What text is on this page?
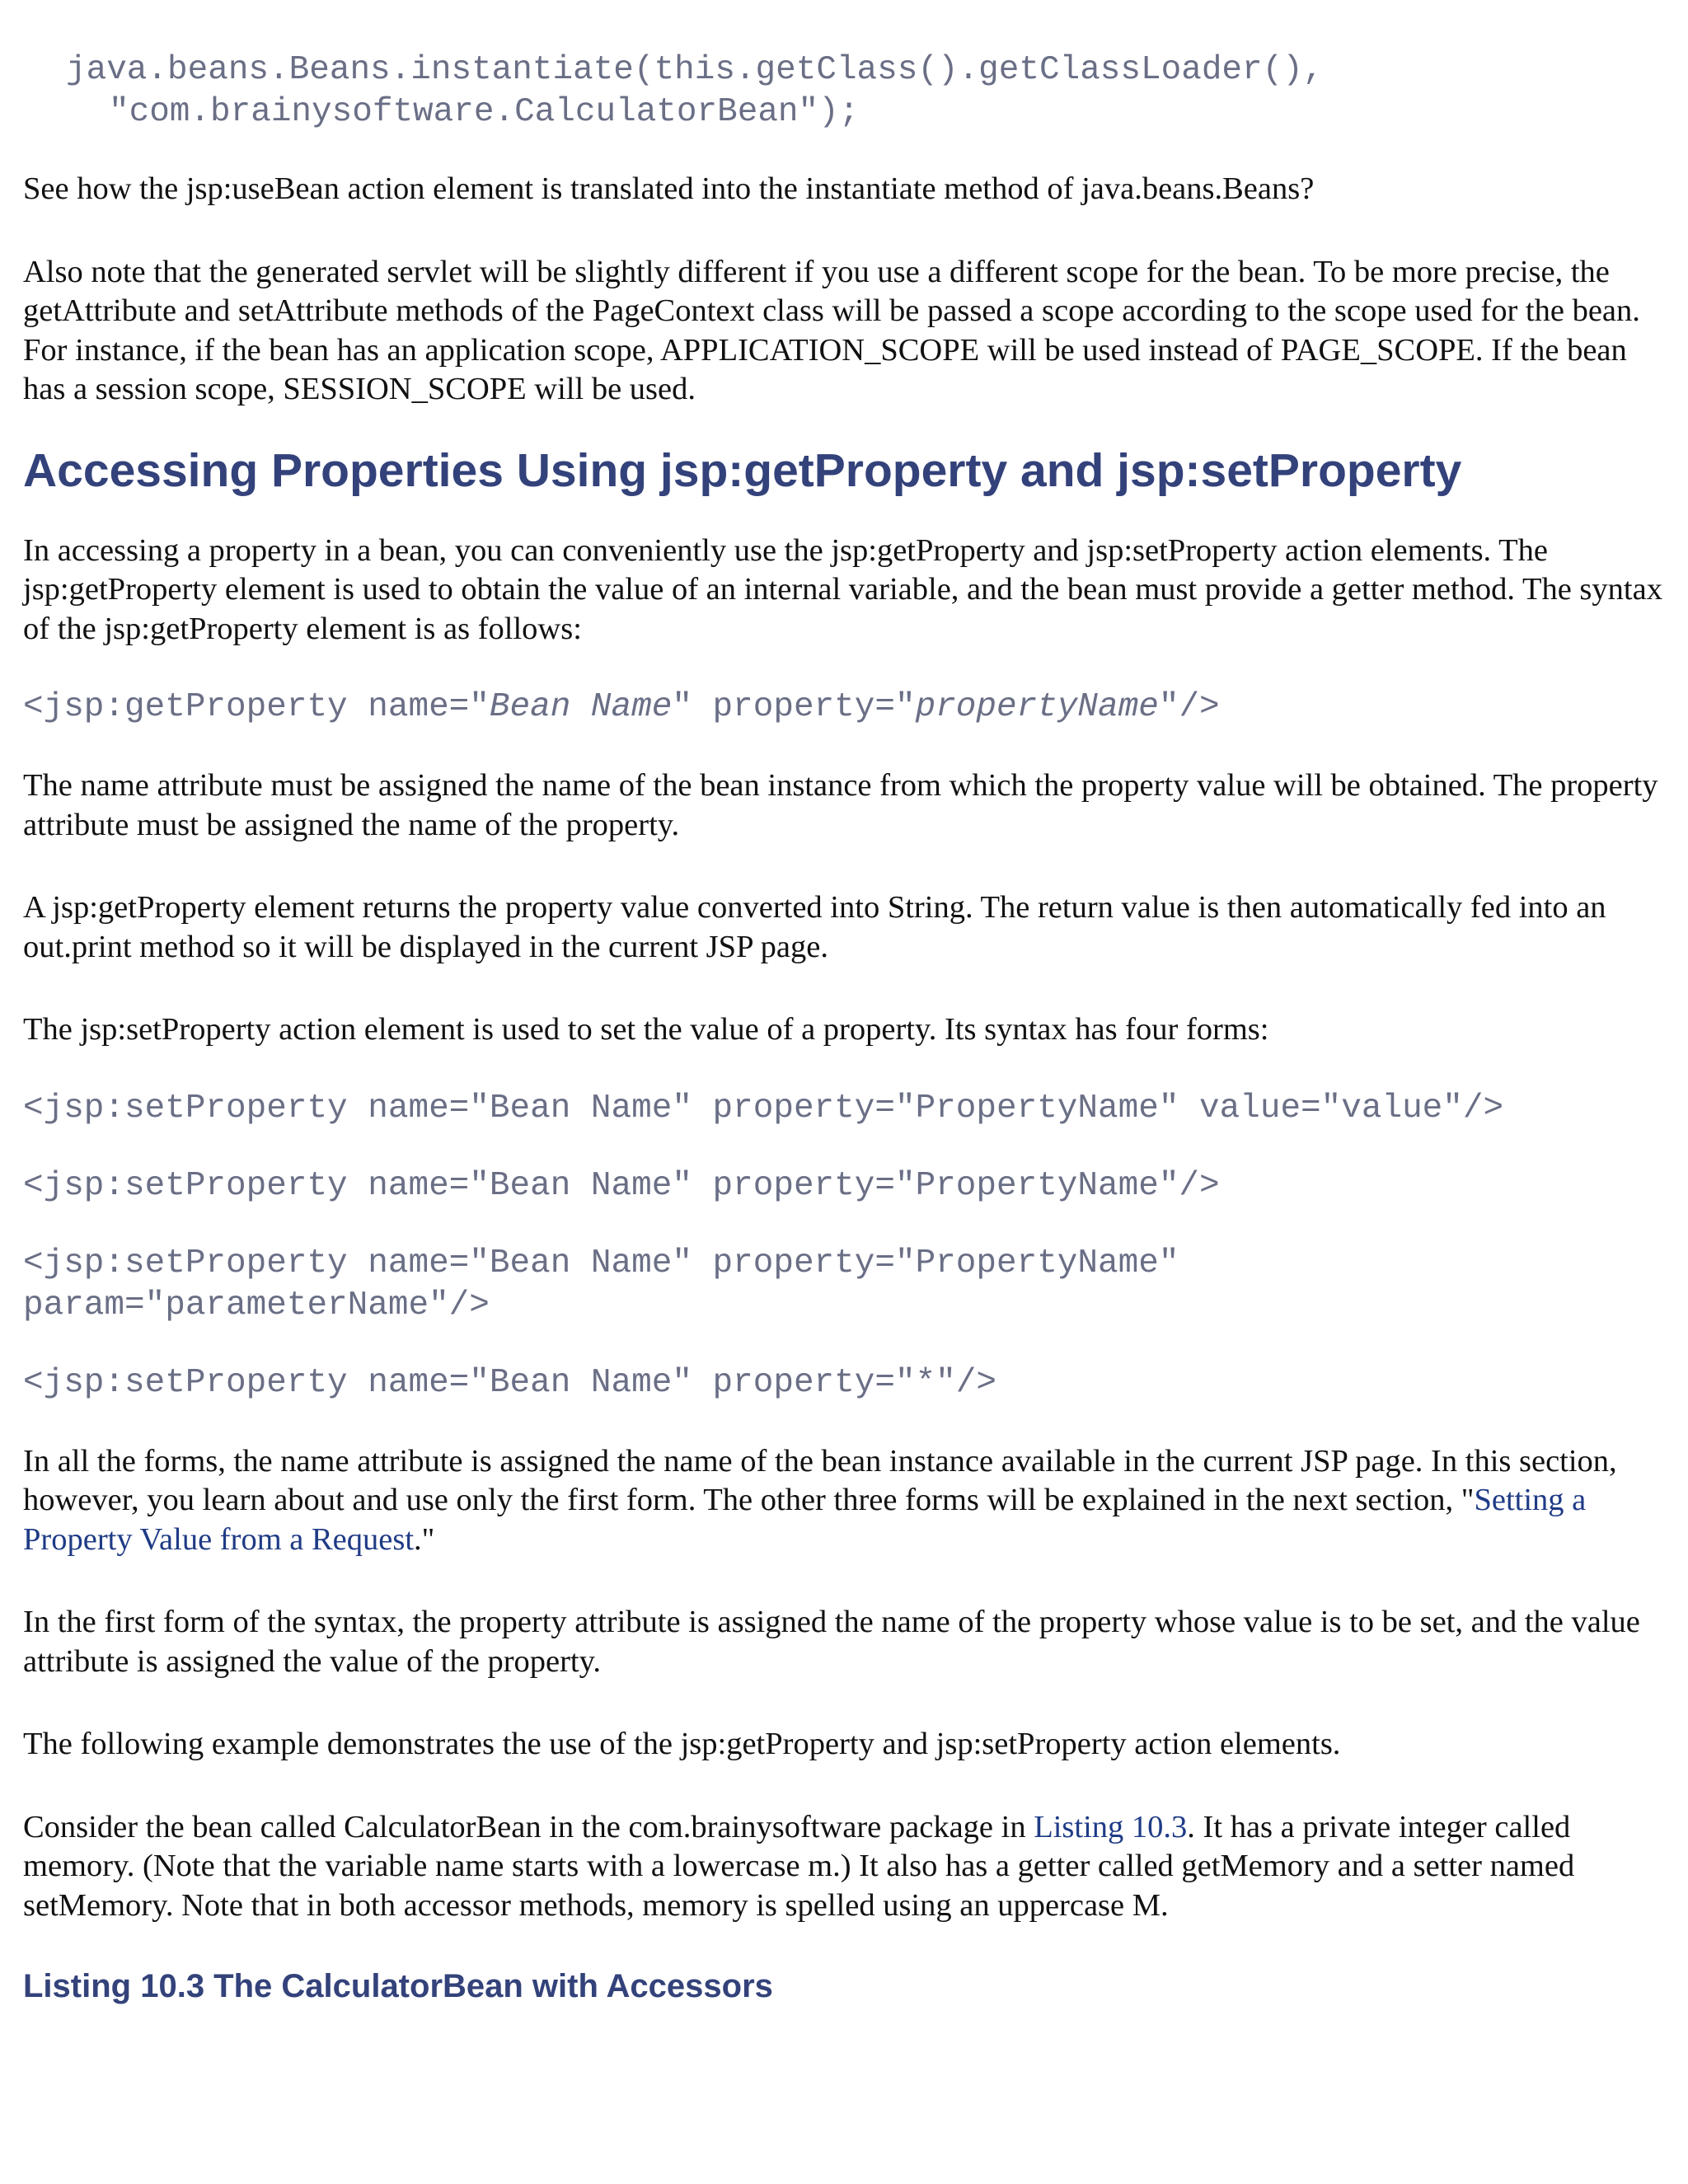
java.beans.Beans.instantiate(this.getClass().getClassLoader(),

"com.brainysoftware.CalculatorBean");

See how the jsp:useBean action element is translated into the instantiate method of java.beans.Beans?

Also note that the generated servlet will be slightly different if you use a different scope for the bean. To be more precise, the getAttribute and setAttribute methods of the PageContext class will be passed a scope according to the scope used for the bean. For instance, if the bean has an application scope, APPLICATION_SCOPE will be used instead of PAGE_SCOPE. If the bean has a session scope, SESSION_SCOPE will be used.

Accessing Properties Using jsp:getProperty and jsp:setProperty

In accessing a property in a bean, you can conveniently use the jsp:getProperty and jsp:setProperty action elements. The jsp:getProperty element is used to obtain the value of an internal variable, and the bean must provide a getter method. The syntax of the jsp:getProperty element is as follows:

<jsp:getProperty name="Bean Name" property="propertyName"/>

The name attribute must be assigned the name of the bean instance from which the property value will be obtained. The property attribute must be assigned the name of the property.

A jsp:getProperty element returns the property value converted into String. The return value is then automatically fed into an out.print method so it will be displayed in the current JSP page.

The jsp:setProperty action element is used to set the value of a property. Its syntax has four forms:

<jsp:setProperty name="Bean Name" property="PropertyName" value="value"/>
<jsp:setProperty name="Bean Name" property="PropertyName"/>
<jsp:setProperty name="Bean Name" property="PropertyName"
param="parameterName"/>
<jsp:setProperty name="Bean Name" property="*"/>

In all the forms, the name attribute is assigned the name of the bean instance available in the current JSP page. In this section, however, you learn about and use only the first form. The other three forms will be explained in the next section, "Setting a Property Value from a Request."

In the first form of the syntax, the property attribute is assigned the name of the property whose value is to be set, and the value attribute is assigned the value of the property.

The following example demonstrates the use of the jsp:getProperty and jsp:setProperty action elements.

Consider the bean called CalculatorBean in the com.brainysoftware package in Listing 10.3. It has a private integer called memory. (Note that the variable name starts with a lowercase m.) It also has a getter called getMemory and a setter named setMemory. Note that in both accessor methods, memory is spelled using an uppercase M.

Listing 10.3 The CalculatorBean with Accessors
